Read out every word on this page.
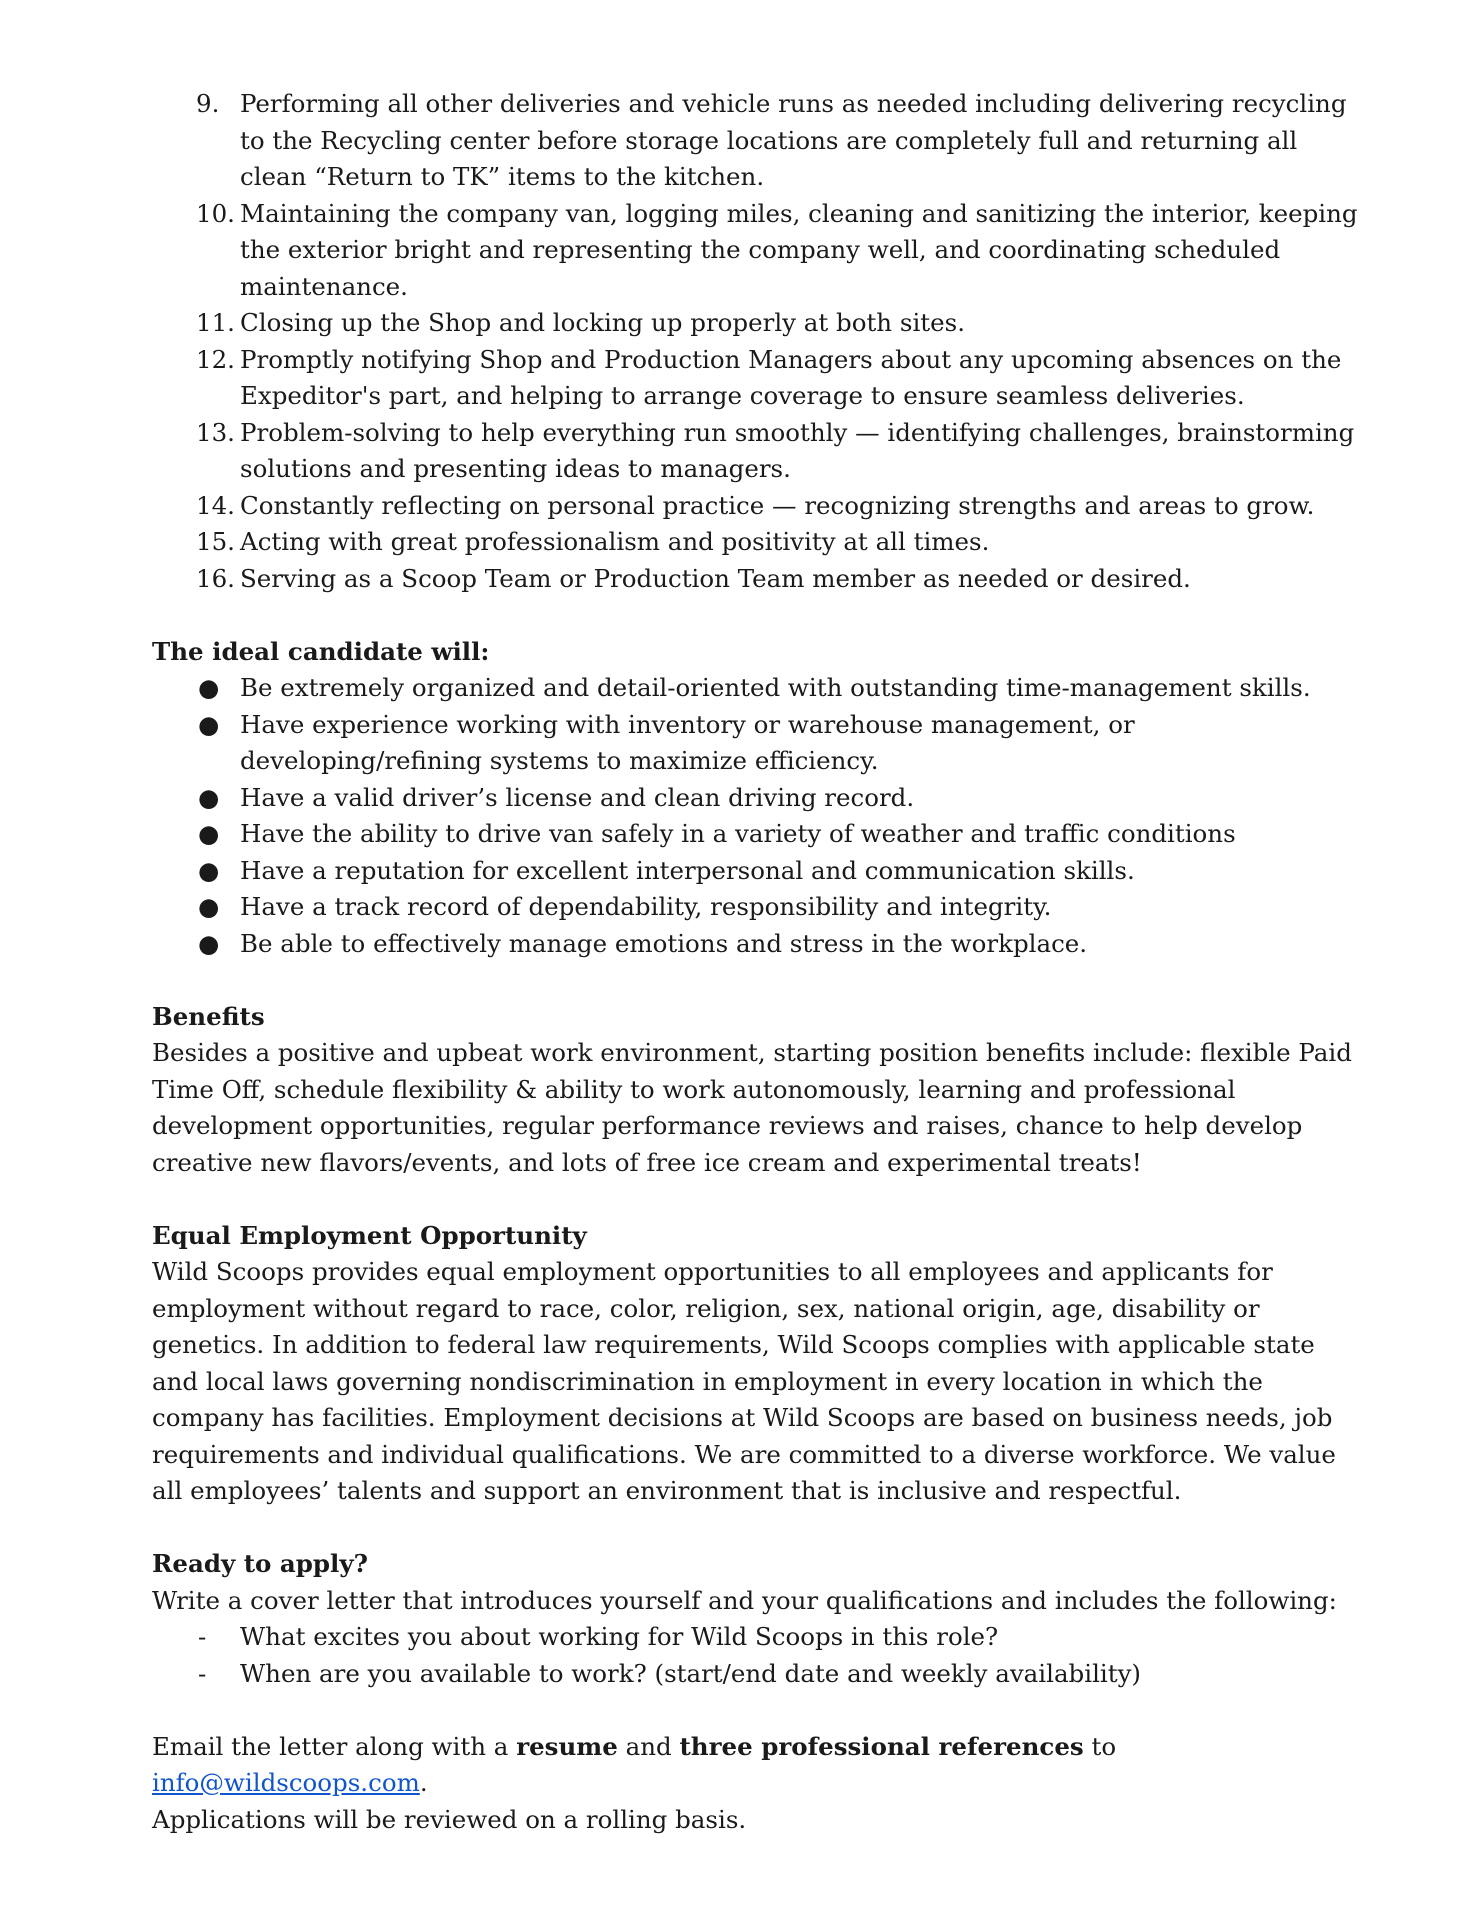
9. Performing all other deliveries and vehicle runs as needed including delivering recycling to the Recycling center before storage locations are completely full and returning all clean “Return to TK” items to the kitchen.
10. Maintaining the company van, logging miles, cleaning and sanitizing the interior, keeping the exterior bright and representing the company well, and coordinating scheduled maintenance.
11. Closing up the Shop and locking up properly at both sites.
12. Promptly notifying Shop and Production Managers about any upcoming absences on the Expeditor's part, and helping to arrange coverage to ensure seamless deliveries.
13. Problem-solving to help everything run smoothly — identifying challenges, brainstorming solutions and presenting ideas to managers.
14. Constantly reflecting on personal practice — recognizing strengths and areas to grow.
15. Acting with great professionalism and positivity at all times.
16. Serving as a Scoop Team or Production Team member as needed or desired.

The ideal candidate will:

● Be extremely organized and detail-oriented with outstanding time-management skills.
● Have experience working with inventory or warehouse management, or developing/refining systems to maximize efficiency.
● Have a valid driver’s license and clean driving record.
● Have the ability to drive van safely in a variety of weather and traffic conditions
● Have a reputation for excellent interpersonal and communication skills.
● Have a track record of dependability, responsibility and integrity.
● Be able to effectively manage emotions and stress in the workplace.

Benefits

Besides a positive and upbeat work environment, starting position benefits include: flexible Paid Time Off, schedule flexibility & ability to work autonomously, learning and professional development opportunities, regular performance reviews and raises, chance to help develop creative new flavors/events, and lots of free ice cream and experimental treats!

Equal Employment Opportunity

Wild Scoops provides equal employment opportunities to all employees and applicants for employment without regard to race, color, religion, sex, national origin, age, disability or genetics. In addition to federal law requirements, Wild Scoops complies with applicable state and local laws governing nondiscrimination in employment in every location in which the company has facilities. Employment decisions at Wild Scoops are based on business needs, job requirements and individual qualifications. We are committed to a diverse workforce. We value all employees’ talents and support an environment that is inclusive and respectful.

Ready to apply?

Write a cover letter that introduces yourself and your qualifications and includes the following:

- What excites you about working for Wild Scoops in this role?
- When are you available to work? (start/end date and weekly availability)

Email the letter along with a resume and three professional references to info@wildscoops.com.

Applications will be reviewed on a rolling basis.
